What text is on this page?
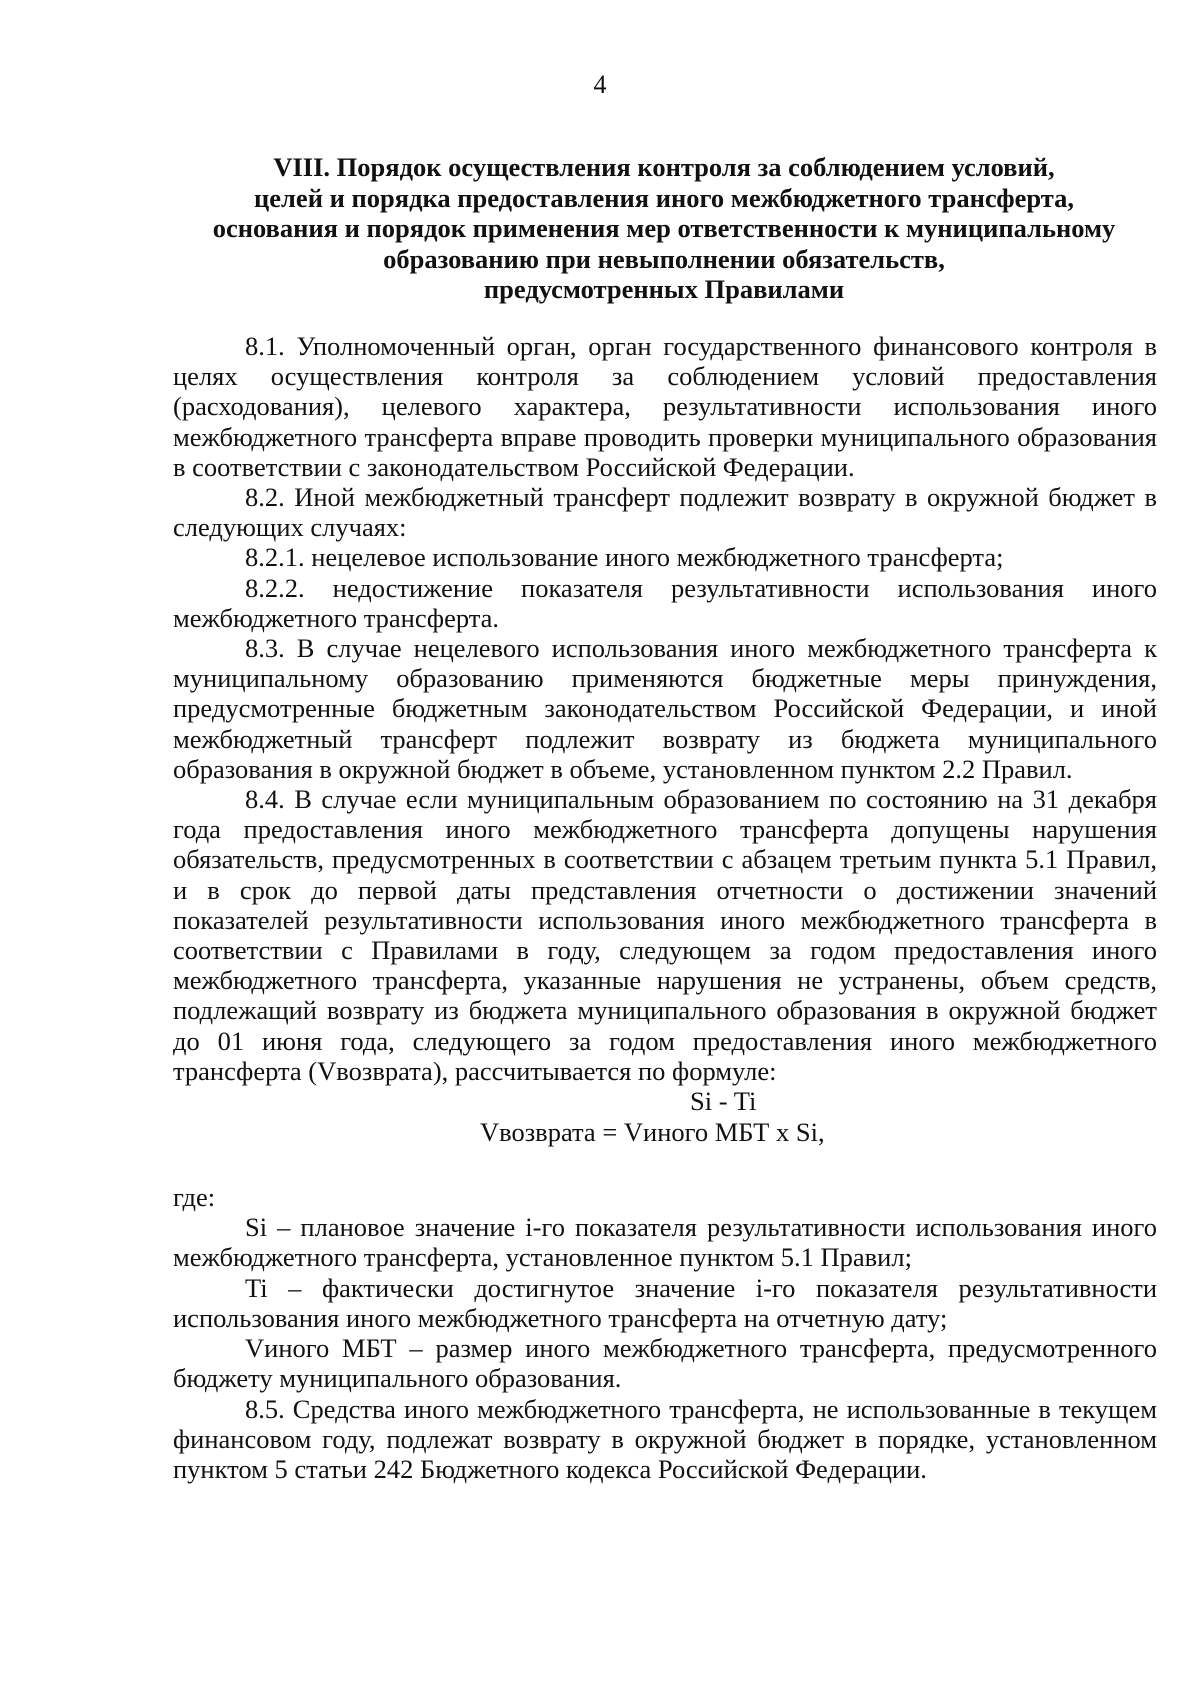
4
VIII. Порядок осуществления контроля за соблюдением условий,
целей и порядка предоставления иного межбюджетного трансферта,
основания и порядок применения мер ответственности к муниципальному
образованию при невыполнении обязательств,
предусмотренных Правилами

8.1. Уполномоченный орган, орган государственного финансового контроля в целях осуществления контроля за соблюдением условий предоставления (расходования), целевого характера, результативности использования иного межбюджетного трансферта вправе проводить проверки муниципального образования в соответствии с законодательством Российской Федерации.

8.2. Иной межбюджетный трансферт подлежит возврату в окружной бюджет в следующих случаях:

8.2.1. нецелевое использование иного межбюджетного трансферта;

8.2.2. недостижение показателя результативности использования иного межбюджетного трансферта.

8.3. В случае нецелевого использования иного межбюджетного трансферта к муниципальному образованию применяются бюджетные меры принуждения, предусмотренные бюджетным законодательством Российской Федерации, и иной межбюджетный трансферт подлежит возврату из бюджета муниципального образования в окружной бюджет в объеме, установленном пунктом 2.2 Правил.

8.4. В случае если муниципальным образованием по состоянию на 31 декабря года предоставления иного межбюджетного трансферта допущены нарушения обязательств, предусмотренных в соответствии с абзацем третьим пункта 5.1 Правил, и в срок до первой даты представления отчетности о достижении значений показателей результативности использования иного межбюджетного трансферта в соответствии с Правилами в году, следующем за годом предоставления иного межбюджетного трансферта, указанные нарушения не устранены, объем средств, подлежащий возврату из бюджета муниципального образования в окружной бюджет до 01 июня года, следующего за годом предоставления иного межбюджетного трансферта (Vвозврата), рассчитывается по формуле:

Si - Ti
Vвозврата = Vиного МБТ x Si,

где:

Si – плановое значение i-го показателя результативности использования иного межбюджетного трансферта, установленное пунктом 5.1 Правил;

Ti – фактически достигнутое значение i-го показателя результативности использования иного межбюджетного трансферта на отчетную дату;

Vиного МБТ – размер иного межбюджетного трансферта, предусмотренного бюджету муниципального образования.

8.5. Средства иного межбюджетного трансферта, не использованные в текущем финансовом году, подлежат возврату в окружной бюджет в порядке, установленном пунктом 5 статьи 242 Бюджетного кодекса Российской Федерации.
